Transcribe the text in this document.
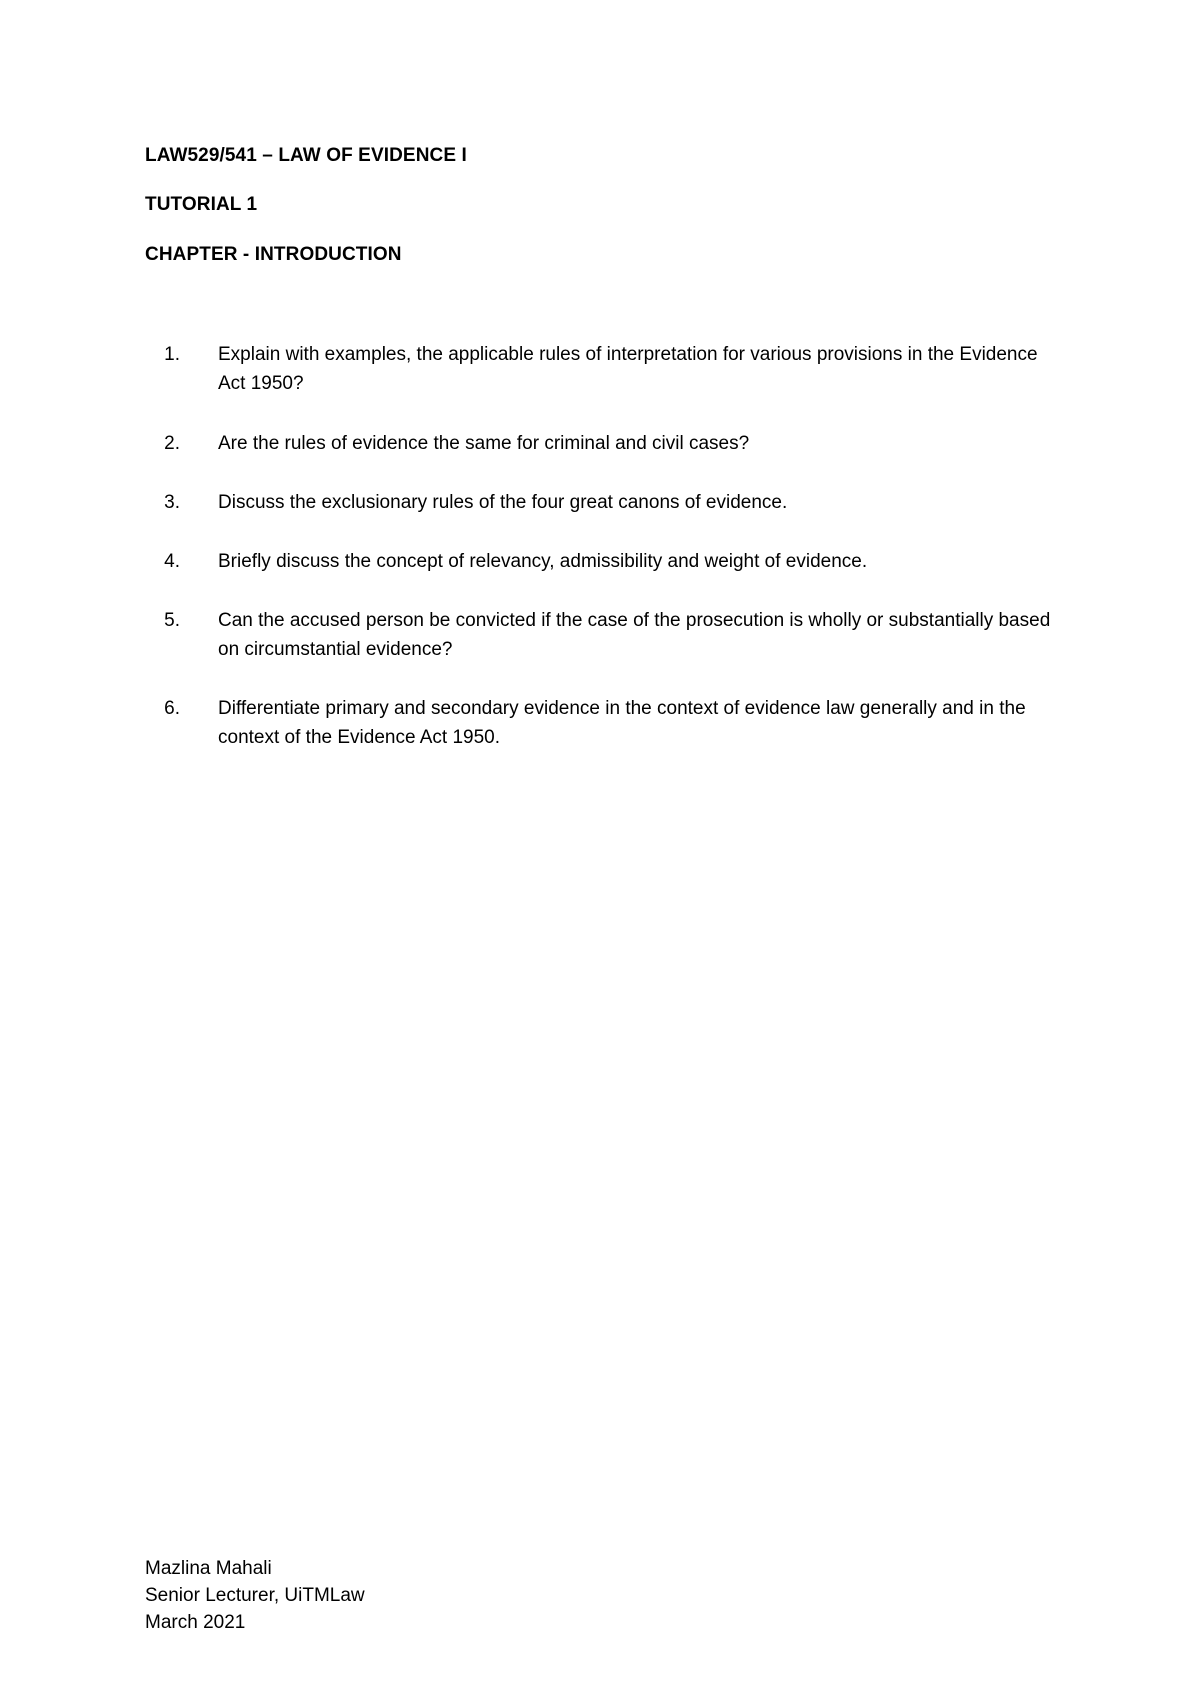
LAW529/541 – LAW OF EVIDENCE I
TUTORIAL 1
CHAPTER - INTRODUCTION
1. Explain with examples, the applicable rules of interpretation for various provisions in the Evidence Act 1950?
2. Are the rules of evidence the same for criminal and civil cases?
3. Discuss the exclusionary rules of the four great canons of evidence.
4. Briefly discuss the concept of relevancy, admissibility and weight of evidence.
5. Can the accused person be convicted if the case of the prosecution is wholly or substantially based on circumstantial evidence?
6. Differentiate primary and secondary evidence in the context of evidence law generally and in the context of the Evidence Act 1950.
Mazlina Mahali
Senior Lecturer, UiTMLaw
March 2021
